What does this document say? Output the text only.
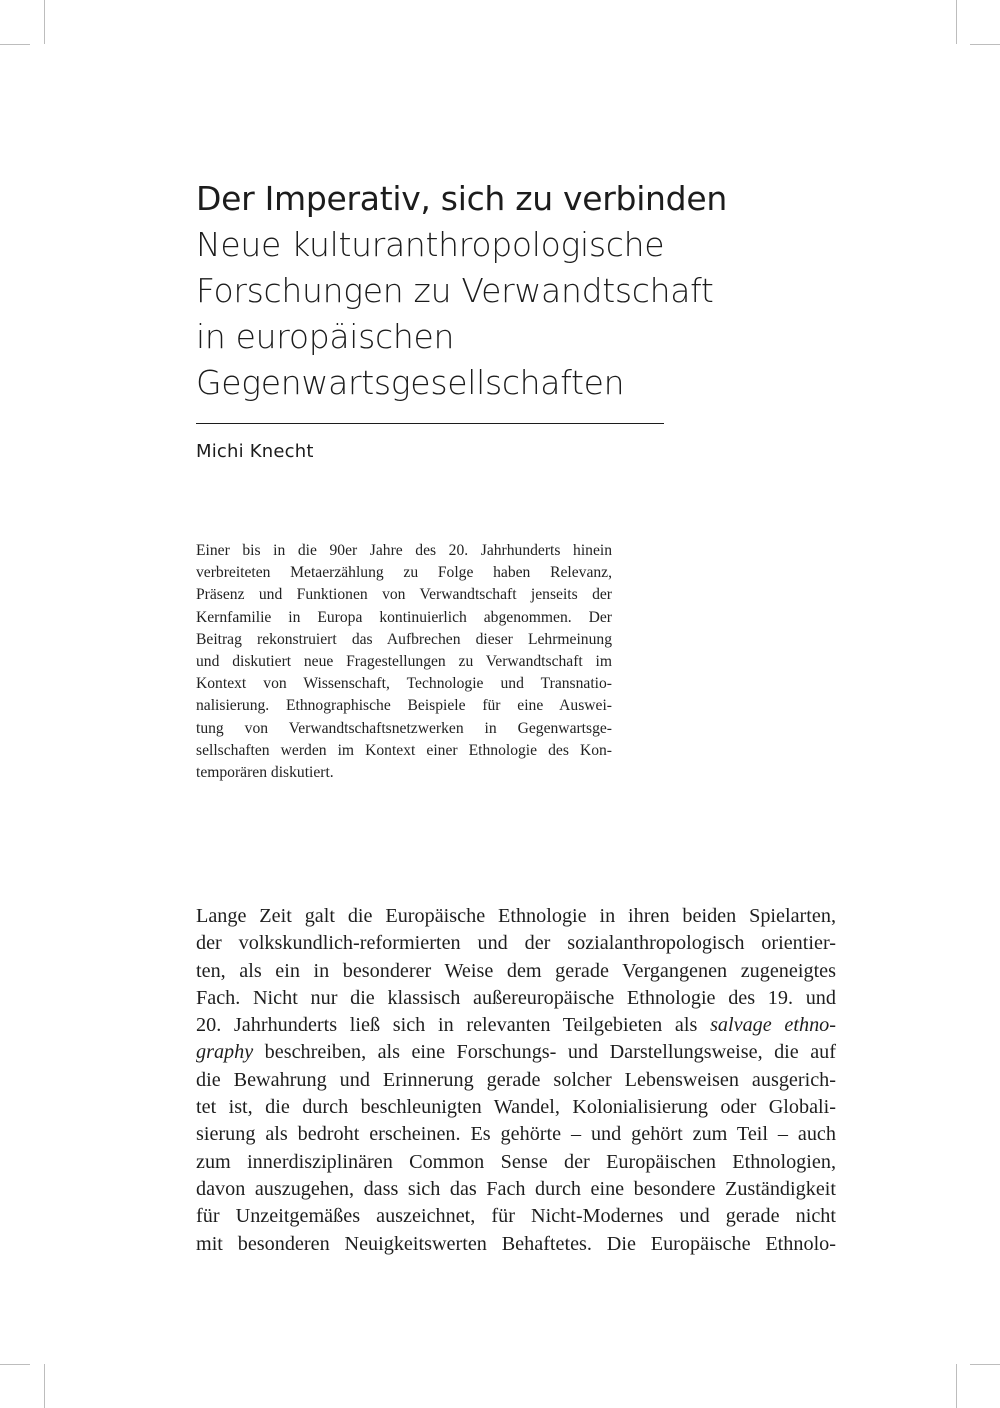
Der Imperativ, sich zu verbinden
Neue kulturanthropologische
Forschungen zu Verwandtschaft
in europäischen
Gegenwartsgesellschaften
Michi Knecht
Einer bis in die 90er Jahre des 20. Jahrhunderts hinein
verbreiteten Metaerzählung zu Folge haben Relevanz,
Präsenz und Funktionen von Verwandtschaft jenseits der
Kernfamilie in Europa kontinuierlich abgenommen. Der
Beitrag rekonstruiert das Aufbrechen dieser Lehrmeinung
und diskutiert neue Fragestellungen zu Verwandtschaft im
Kontext von Wissenschaft, Technologie und Transnatio-
nalisierung. Ethnographische Beispiele für eine Auswei-
tung von Verwandtschaftsnetzwerken in Gegenwartsge-
sellschaften werden im Kontext einer Ethnologie des Kon-
temporären diskutiert.
Lange Zeit galt die Europäische Ethnologie in ihren beiden Spielarten,
der volkskundlich-reformierten und der sozialanthropologisch orientier-
ten, als ein in besonderer Weise dem gerade Vergangenen zugeneigtes
Fach. Nicht nur die klassisch außereuropäische Ethnologie des 19. und
20. Jahrhunderts ließ sich in relevanten Teilgebieten als salvage ethno-
graphy beschreiben, als eine Forschungs- und Darstellungsweise, die auf
die Bewahrung und Erinnerung gerade solcher Lebensweisen ausgerich-
tet ist, die durch beschleunigten Wandel, Kolonialisierung oder Globali-
sierung als bedroht erscheinen. Es gehörte – und gehört zum Teil – auch
zum innerdisziplinären Common Sense der Europäischen Ethnologien,
davon auszugehen, dass sich das Fach durch eine besondere Zuständigkeit
für Unzeitgemäßes auszeichnet, für Nicht-Modernes und gerade nicht
mit besonderen Neuigkeitswerten Behaftetes. Die Europäische Ethnolo-
